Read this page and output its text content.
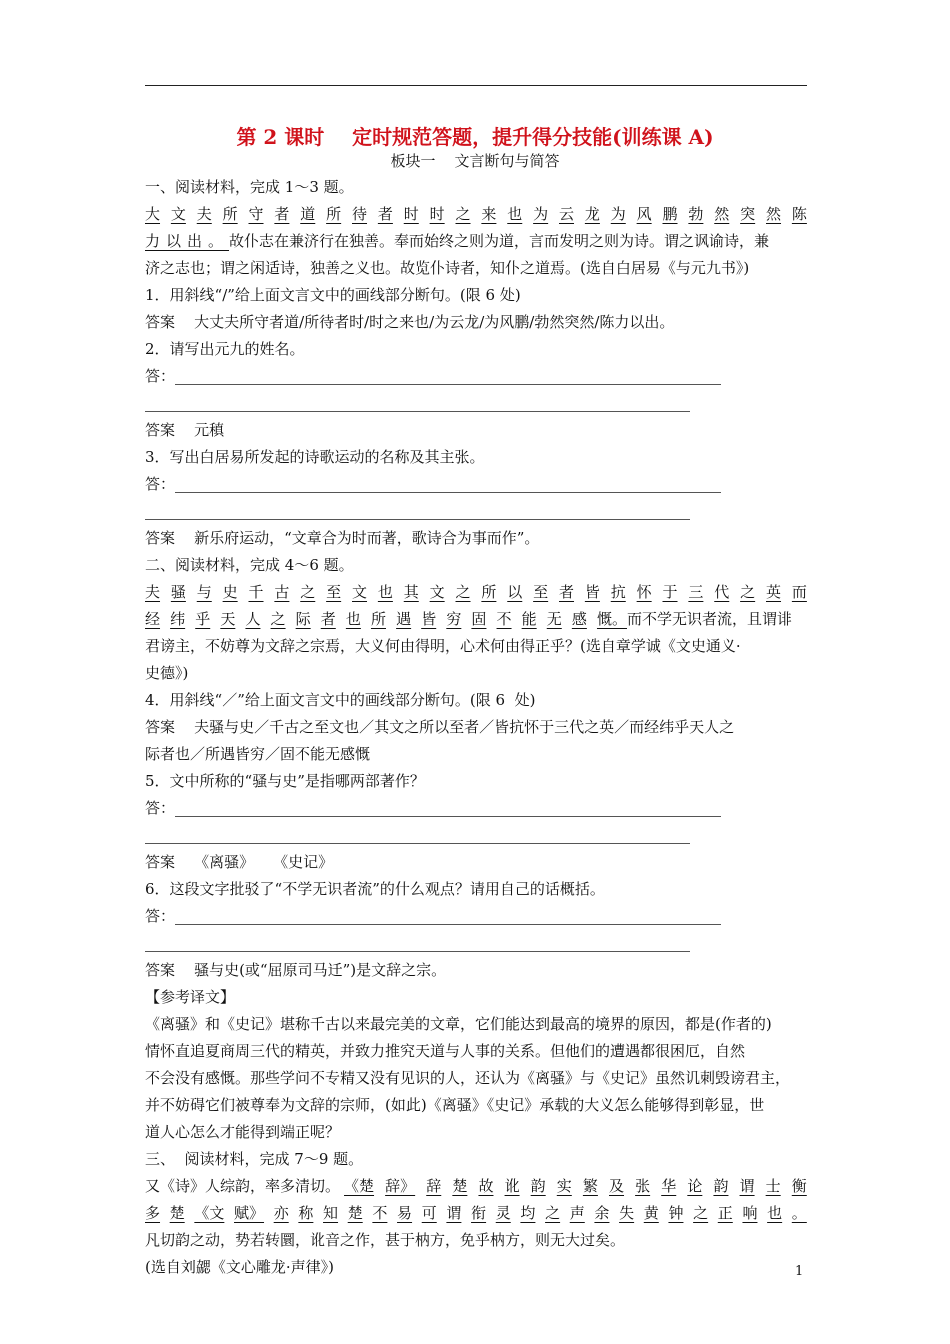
第 2 课时    定时规范答题，提升得分技能(训练课 A)
板块一    文言断句与简答
一、阅读材料，完成 1～3 题。
大 文 夫 所 守 者 道 所 待 者 时 时 之 来 也 为 云 龙 为 风 鹏 勃 然 突 然 陈
力以出。故仆志在兼济行在独善。奉而始终之则为道，言而发明之则为诗。谓之讽谕诗，兼
济之志也；谓之闲适诗，独善之义也。故览仆诗者，知仆之道焉。(选自白居易《与元九书》)
1．用斜线“/”给上面文言文中的画线部分断句。(限 6 处)
答案    大丈夫所守者道/所待者时/时之来也/为云龙/为风鹏/勃然突然/陈力以出。
2．请写出元九的姓名。
答：
答案    元稹
3．写出白居易所发起的诗歌运动的名称及其主张。
答：
答案    新乐府运动，“文章合为时而著，歌诗合为事而作”。
二、阅读材料，完成 4～6 题。
夫 骚 与 史 千 古 之 至 文 也 其 文 之 所 以 至 者 皆 抗 怀 于 三 代 之 英 而
经 纬 乎 天 人 之 际 者 也 所 遇 皆 穷 固 不 能 无 感 慨。 而不学无识者流，且谓诽
君谤主，不妨尊为文辞之宗焉，大义何由得明，心术何由得正乎？(选自章学诚《文史通义·
史德》)
4．用斜线“／”给上面文言文中的画线部分断句。(限 6  处)
答案    夫骚与史／千古之至文也／其文之所以至者／皆抗怀于三代之英／而经纬乎天人之
际者也／所遇皆穷／固不能无感慨
5．文中所称的“骚与史”是指哪两部著作？
答：
答案    《离骚》    《史记》
6．这段文字批驳了“不学无识者流”的什么观点？请用自己的话概括。
答：
答案    骚与史(或“屈原司马迁”)是文辞之宗。
【参考译文】
《离骚》和《史记》堪称千古以来最完美的文章，它们能达到最高的境界的原因，都是(作者的)
情怀直追夏商周三代的精英，并致力推究天道与人事的关系。但他们的遭遇都很困厄，自然
不会没有感慨。那些学问不专精又没有见识的人，还认为《离骚》与《史记》虽然讥刺毁谤君主，
并不妨碍它们被尊奉为文辞的宗师，(如此)《离骚》《史记》承载的大义怎么能够得到彰显，世
道人心怎么才能得到端正呢？
三、  阅读材料，完成 7～9 题。
又《诗》人综韵，率多清切。 《楚 辞》 辞 楚 故 讹 韵 实 繁 及 张 华 论 韵 谓 士 衡
多 楚 《文 赋》 亦 称 知 楚 不 易 可 谓 衔 灵 均 之 声 余 失 黄 钟 之 正 响 也 。
凡切韵之动，势若转圜，讹音之作，甚于枘方，免乎枘方，则无大过矣。
(选自刘勰《文心雕龙·声律》)	1
